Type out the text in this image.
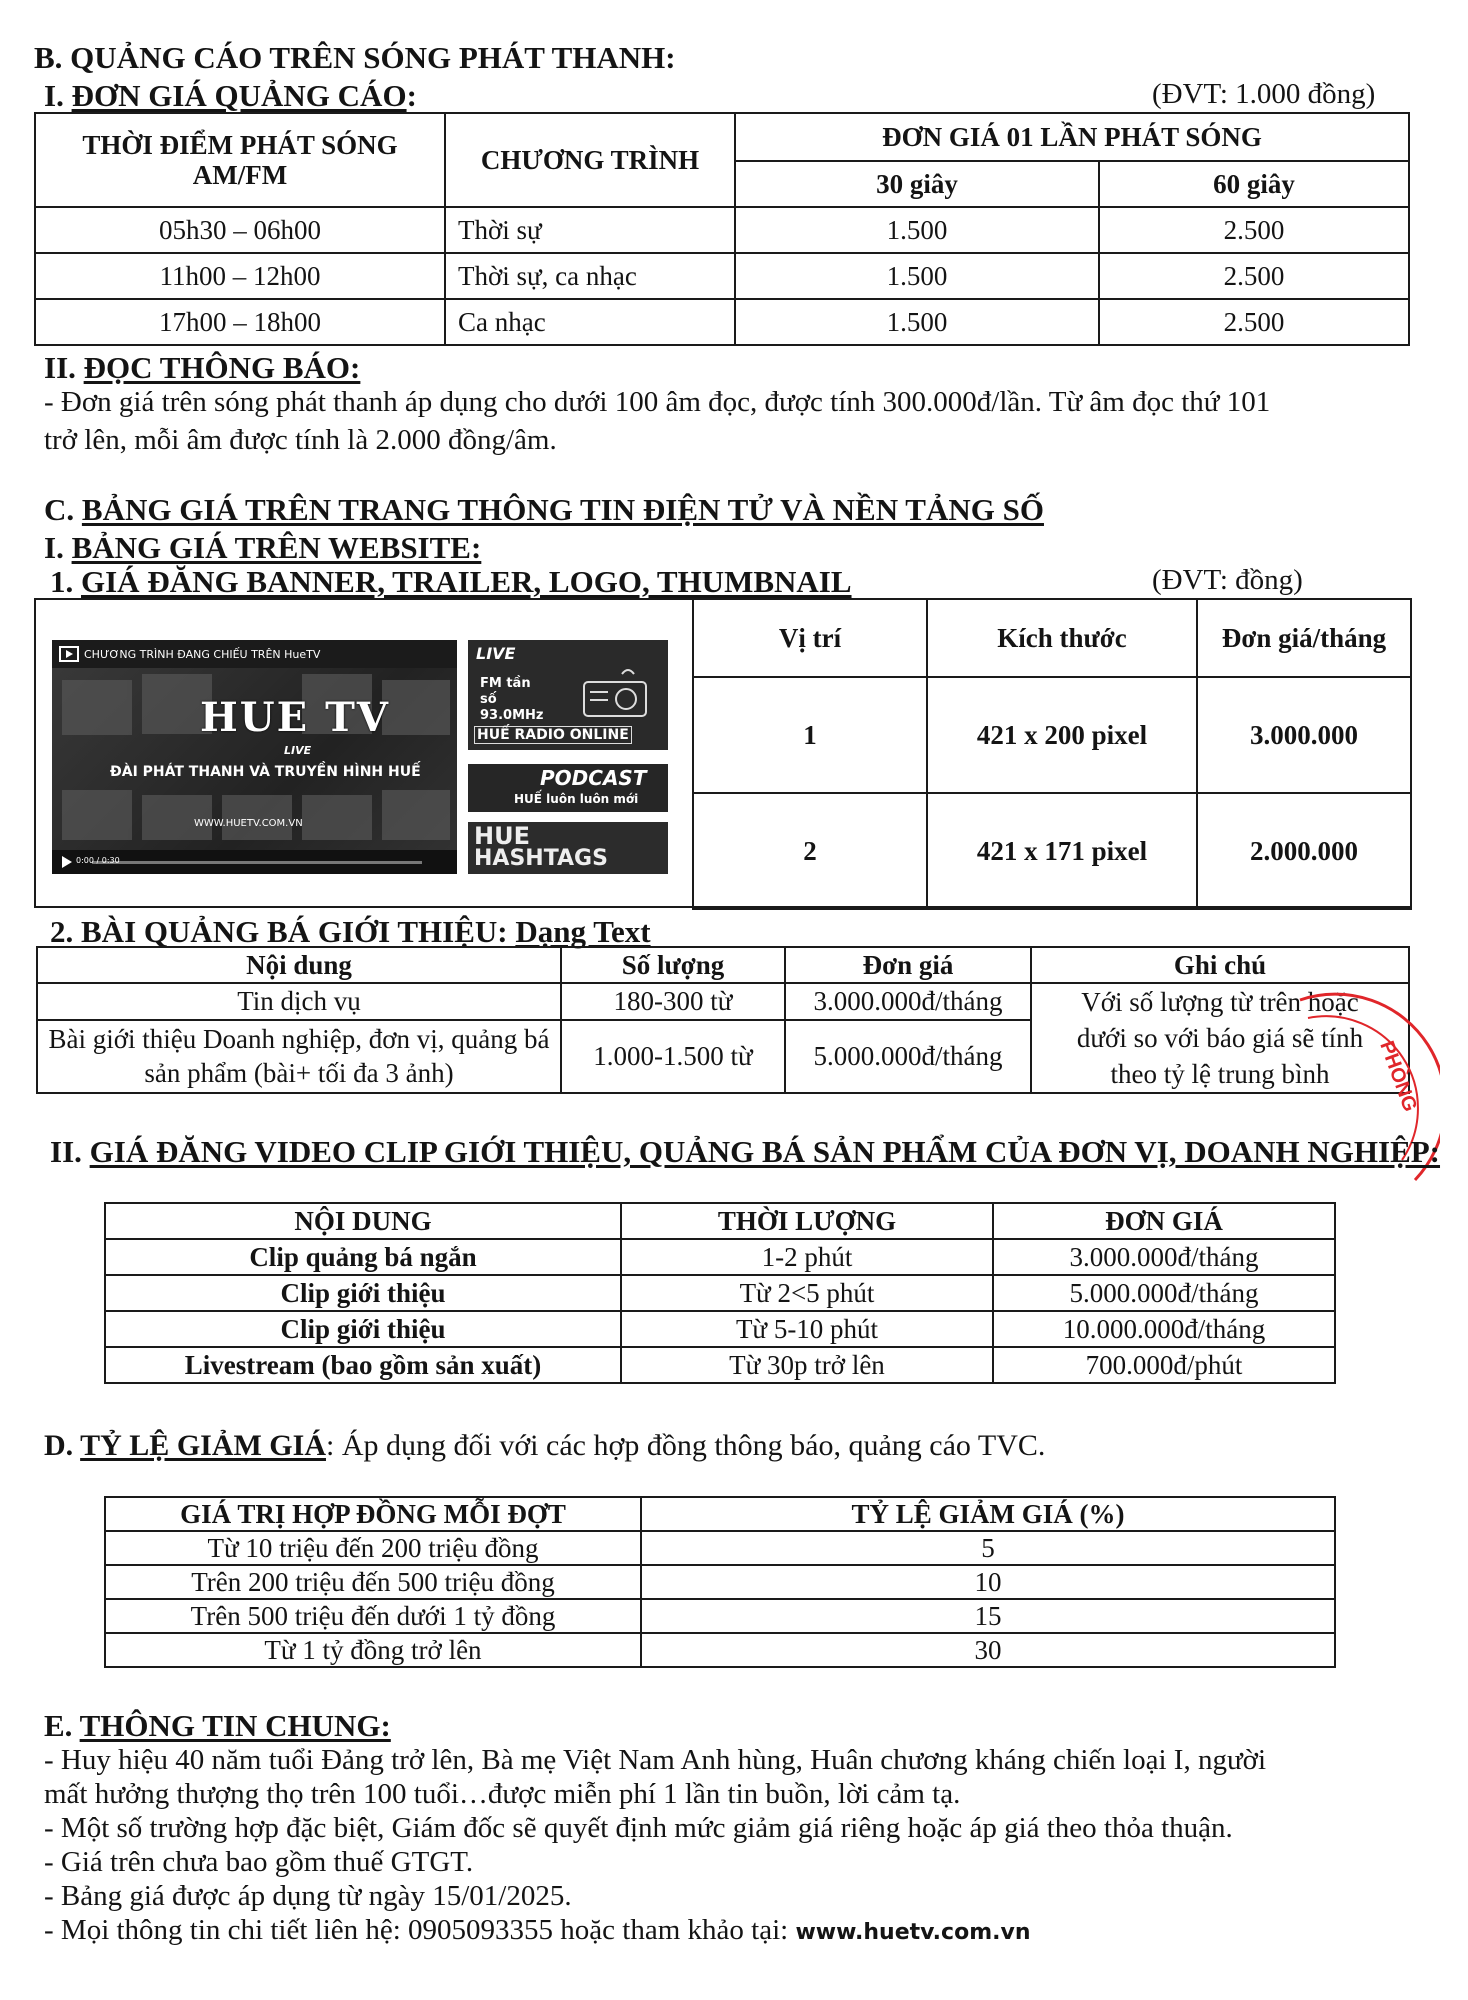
B. QUẢNG CÁO TRÊN SÓNG PHÁT THANH:
I. ĐƠN GIÁ QUẢNG CÁO:	(ĐVT: 1.000 đồng)
THỜI ĐIỂM PHÁT SÓNG AM/FM	CHƯƠNG TRÌNH	ĐƠN GIÁ 01 LẦN PHÁT SÓNG	
		30 giây	60 giây
05h30 – 06h00	Thời sự	1.500	2.500
11h00 – 12h00	Thời sự, ca nhạc	1.500	2.500
17h00 – 18h00	Ca nhạc	1.500	2.500
II. ĐỌC THÔNG BÁO:
- Đơn giá trên sóng phát thanh áp dụng cho dưới 100 âm đọc, được tính 300.000đ/lần. Từ âm đọc thứ 101
trở lên, mỗi âm được tính là 2.000 đồng/âm.
C. BẢNG GIÁ TRÊN TRANG THÔNG TIN ĐIỆN TỬ VÀ NỀN TẢNG SỐ
I. BẢNG GIÁ TRÊN WEBSITE:
1. GIÁ ĐĂNG BANNER, TRAILER, LOGO, THUMBNAIL	(ĐVT: đồng)
Vị trí	Kích thước	Đơn giá/tháng
1	421 x 200 pixel	3.000.000
2	421 x 171 pixel	2.000.000
CHƯƠNG TRÌNH ĐANG CHIẾU TRÊN HueTV
HUE TV
LIVE
ĐÀI PHÁT THANH VÀ TRUYỀN HÌNH HUẾ
WWW.HUETV.COM.VN
0:00 / 0:30
LIVE
FM tần số 93.0MHz
HUẾ RADIO ONLINE
PODCAST
HUẾ luôn luôn mới
HUE
HASHTAGS
2. BÀI QUẢNG BÁ GIỚI THIỆU: Dạng Text
Nội dung	Số lượng	Đơn giá	Ghi chú
Tin dịch vụ	180-300 từ	3.000.000đ/tháng	Với số lượng từ trên hoặc dưới so với báo giá sẽ tính theo tỷ lệ trung bình
Bài giới thiệu Doanh nghiệp, đơn vị, quảng bá sản phẩm (bài+ tối đa 3 ảnh)	1.000-1.500 từ	5.000.000đ/tháng		PHÒNG
II. GIÁ ĐĂNG VIDEO CLIP GIỚI THIỆU, QUẢNG BÁ SẢN PHẨM CỦA ĐƠN VỊ, DOANH NGHIỆP:
NỘI DUNG	THỜI LƯỢNG	ĐƠN GIÁ
Clip quảng bá ngắn	1-2 phút	3.000.000đ/tháng
Clip giới thiệu	Từ 2<5 phút	5.000.000đ/tháng
Clip giới thiệu	Từ 5-10 phút	10.000.000đ/tháng
Livestream (bao gồm sản xuất)	Từ 30p trở lên	700.000đ/phút
D. TỶ LỆ GIẢM GIÁ: Áp dụng đối với các hợp đồng thông báo, quảng cáo TVC.
GIÁ TRỊ HỢP ĐỒNG MỖI ĐỢT	TỶ LỆ GIẢM GIÁ (%)
Từ 10 triệu đến 200 triệu đồng	5
Trên 200 triệu đến 500 triệu đồng	10
Trên 500 triệu đến dưới 1 tỷ đồng	15
Từ 1 tỷ đồng trở lên	30
E. THÔNG TIN CHUNG:
- Huy hiệu 40 năm tuổi Đảng trở lên, Bà mẹ Việt Nam Anh hùng, Huân chương kháng chiến loại I, người
mất hưởng thượng thọ trên 100 tuổi…được miễn phí 1 lần tin buồn, lời cảm tạ.
- Một số trường hợp đặc biệt, Giám đốc sẽ quyết định mức giảm giá riêng hoặc áp giá theo thỏa thuận.
- Giá trên chưa bao gồm thuế GTGT.
- Bảng giá được áp dụng từ ngày 15/01/2025.
- Mọi thông tin chi tiết liên hệ: 0905093355 hoặc tham khảo tại: www.huetv.com.vn
